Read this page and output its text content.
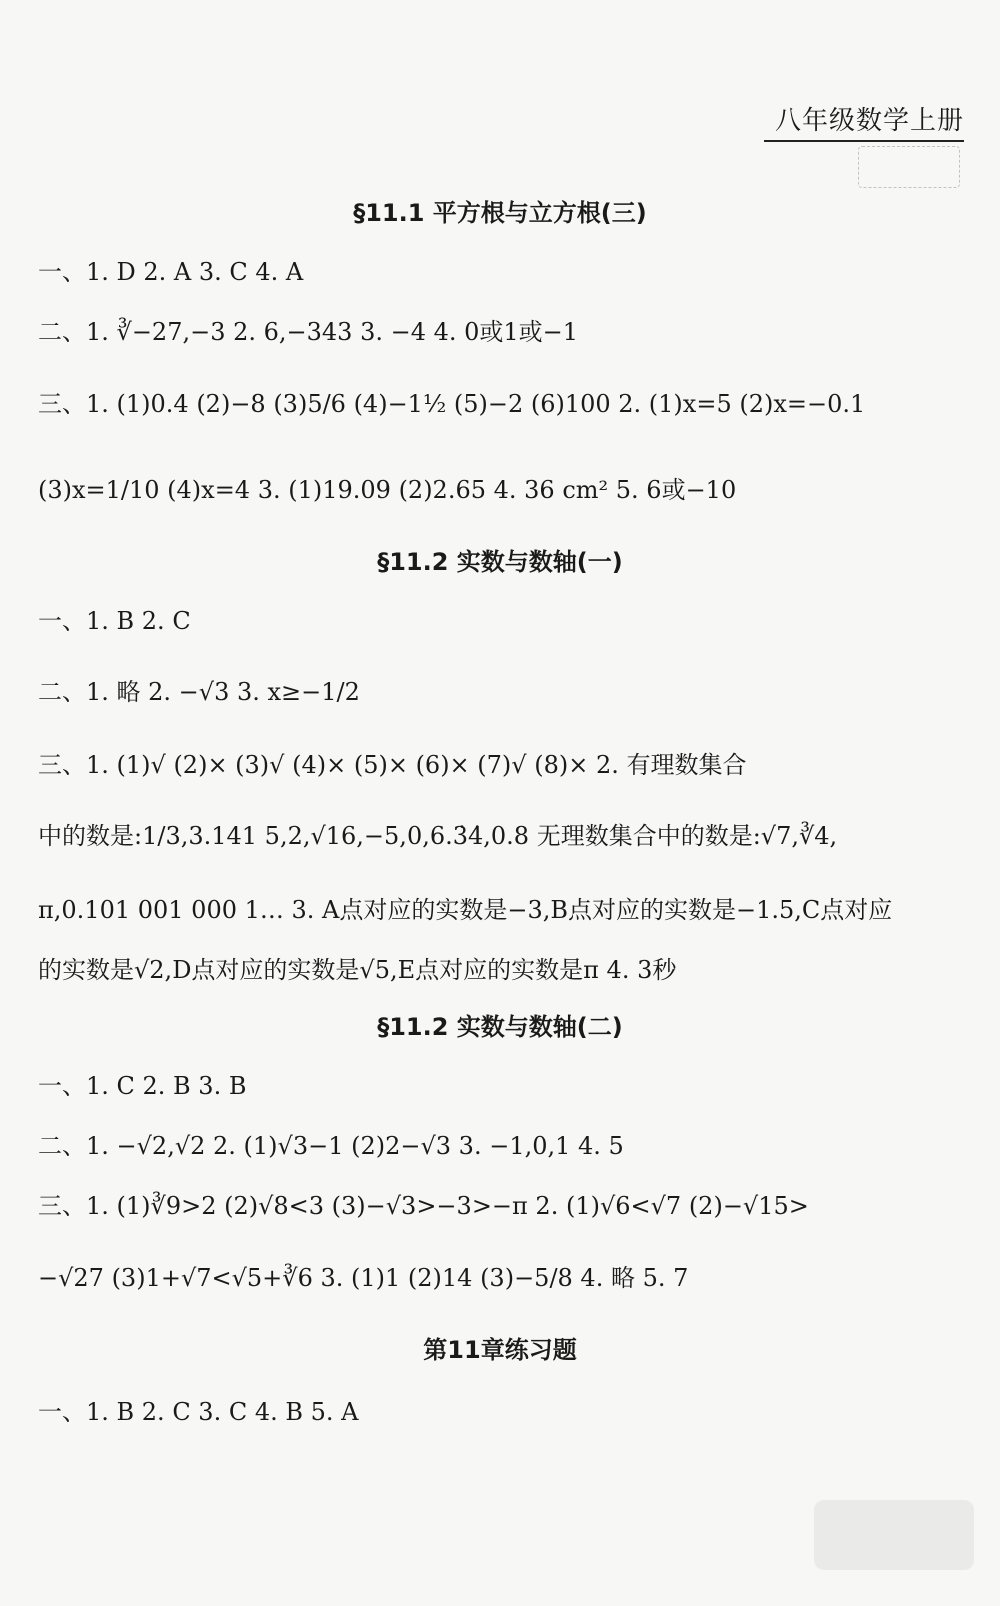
八年级数学上册
§11.1 平方根与立方根(三)
一、1. D 2. A 3. C 4. A
二、1. ∛−27,−3 2. 6,−343 3. −4 4. 0或1或−1
三、1. (1)0.4 (2)−8 (3)5/6 (4)−1½ (5)−2 (6)100 2. (1)x=5 (2)x=−0.1
(3)x=1/10 (4)x=4 3. (1)19.09 (2)2.65 4. 36 cm² 5. 6或−10
§11.2 实数与数轴(一)
一、1. B 2. C
二、1. 略 2. −√3 3. x≥−1/2
三、1. (1)√ (2)× (3)√ (4)× (5)× (6)× (7)√ (8)× 2. 有理数集合
中的数是:1/3,3.141 5,2,√16,−5,0,6.3̇4̇,0.8 无理数集合中的数是:√7,∛4,
π,0.101 001 000 1… 3. A点对应的实数是−3,B点对应的实数是−1.5,C点对应
的实数是√2,D点对应的实数是√5,E点对应的实数是π 4. 3秒
§11.2 实数与数轴(二)
一、1. C 2. B 3. B
二、1. −√2,√2 2. (1)√3−1 (2)2−√3 3. −1,0,1 4. 5
三、1. (1)∛9>2 (2)√8<3 (3)−√3>−3>−π 2. (1)√6<√7 (2)−√15>
−√27 (3)1+√7<√5+∛6 3. (1)1 (2)14 (3)−5/8 4. 略 5. 7
第11章练习题
一、1. B 2. C 3. C 4. B 5. A
